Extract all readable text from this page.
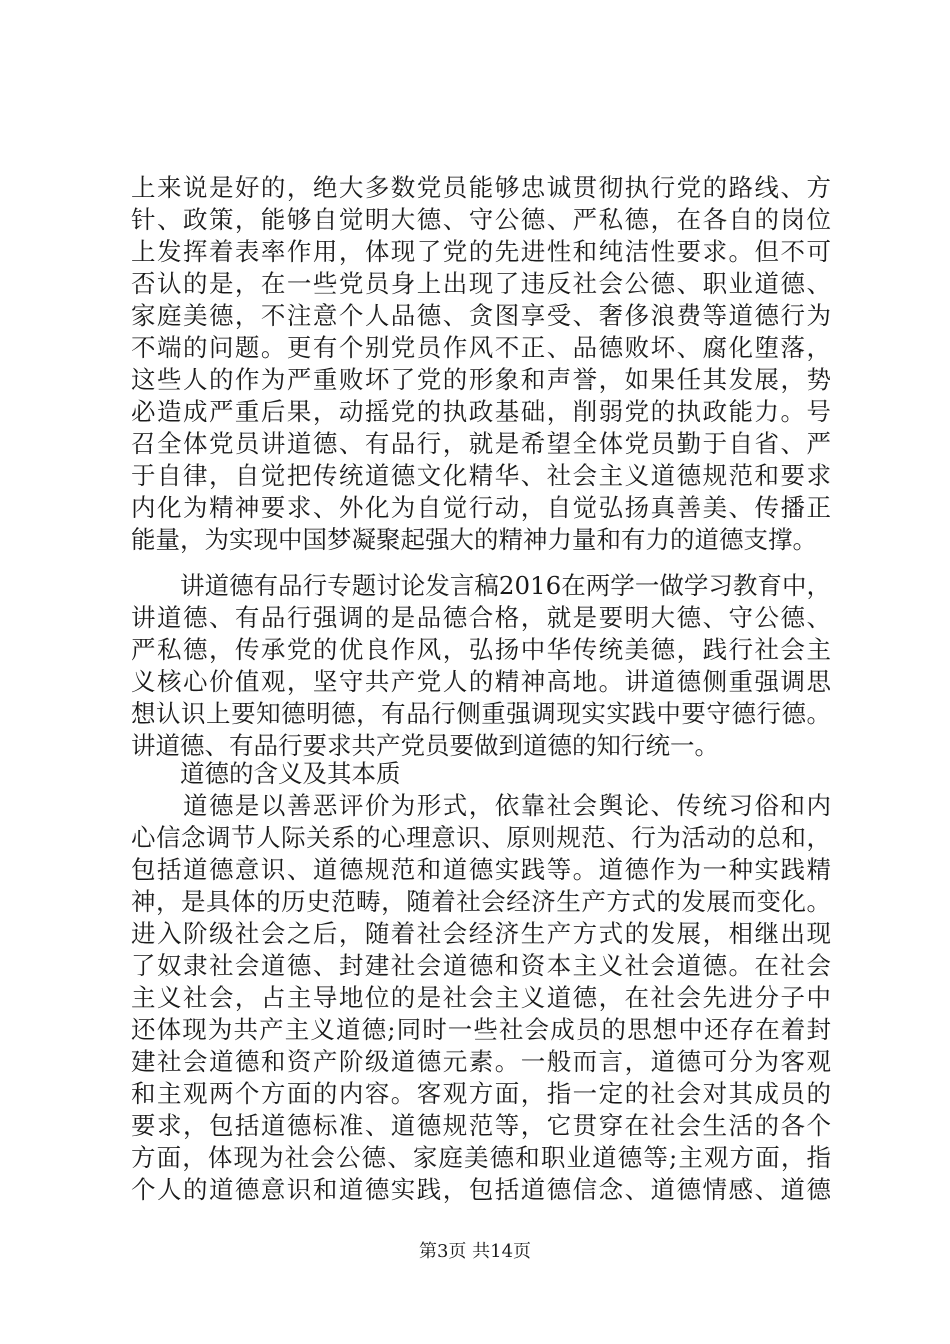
上来说是好的，绝大多数党员能够忠诚贯彻执行党的路线、方
针、政策，能够自觉明大德、守公德、严私德，在各自的岗位
上发挥着表率作用，体现了党的先进性和纯洁性要求。但不可
否认的是，在一些党员身上出现了违反社会公德、职业道德、
家庭美德，不注意个人品德、贪图享受、奢侈浪费等道德行为
不端的问题。更有个别党员作风不正、品德败坏、腐化堕落，
这些人的作为严重败坏了党的形象和声誉，如果任其发展，势
必造成严重后果，动摇党的执政基础，削弱党的执政能力。号
召全体党员讲道德、有品行，就是希望全体党员勤于自省、严
于自律，自觉把传统道德文化精华、社会主义道德规范和要求
内化为精神要求、外化为自觉行动，自觉弘扬真善美、传播正
能量，为实现中国梦凝聚起强大的精神力量和有力的道德支撑。
　　讲道德有品行专题讨论发言稿2016在两学一做学习教育中，
讲道德、有品行强调的是品德合格，就是要明大德、守公德、
严私德，传承党的优良作风，弘扬中华传统美德，践行社会主
义核心价值观，坚守共产党人的精神高地。讲道德侧重强调思
想认识上要知德明德，有品行侧重强调现实实践中要守德行德。
讲道德、有品行要求共产党员要做到道德的知行统一。
　　道德的含义及其本质
　　道德是以善恶评价为形式，依靠社会舆论、传统习俗和内
心信念调节人际关系的心理意识、原则规范、行为活动的总和，
包括道德意识、道德规范和道德实践等。道德作为一种实践精
神，是具体的历史范畴，随着社会经济生产方式的发展而变化。
进入阶级社会之后，随着社会经济生产方式的发展，相继出现
了奴隶社会道德、封建社会道德和资本主义社会道德。在社会
主义社会，占主导地位的是社会主义道德，在社会先进分子中
还体现为共产主义道德;同时一些社会成员的思想中还存在着封
建社会道德和资产阶级道德元素。一般而言，道德可分为客观
和主观两个方面的内容。客观方面，指一定的社会对其成员的
要求，包括道德标准、道德规范等，它贯穿在社会生活的各个
方面，体现为社会公德、家庭美德和职业道德等;主观方面，指
个人的道德意识和道德实践，包括道德信念、道德情感、道德
第3页 共14页
